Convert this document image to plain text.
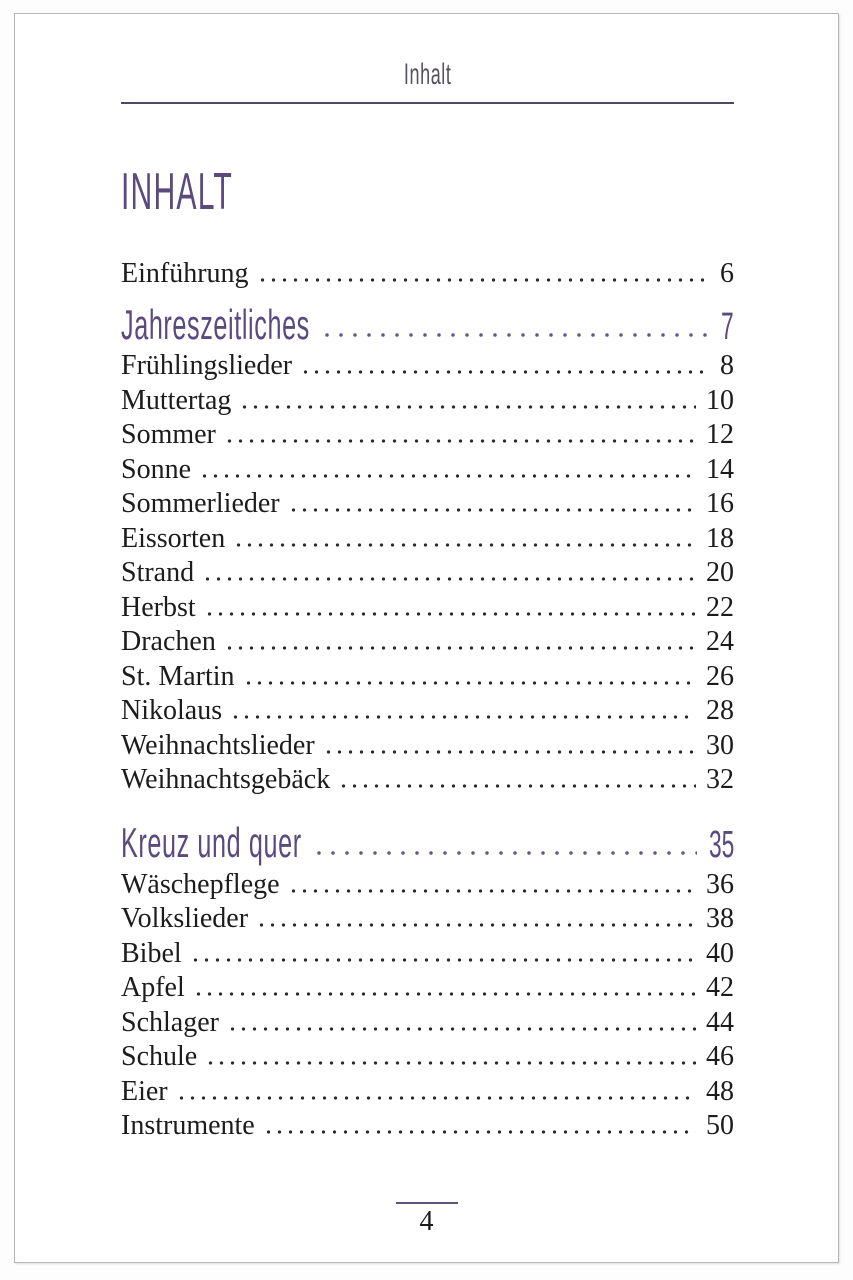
Inhalt
INHALT
Einführung	6
Jahreszeitliches	7
Frühlingslieder	8
Muttertag	10
Sommer	12
Sonne	14
Sommerlieder	16
Eissorten	18
Strand	20
Herbst	22
Drachen	24
St. Martin	26
Nikolaus	28
Weihnachtslieder	30
Weihnachtsgebäck	32
Kreuz und quer	35
Wäschepflege	36
Volkslieder	38
Bibel	40
Apfel	42
Schlager	44
Schule	46
Eier	48
Instrumente	50
4
